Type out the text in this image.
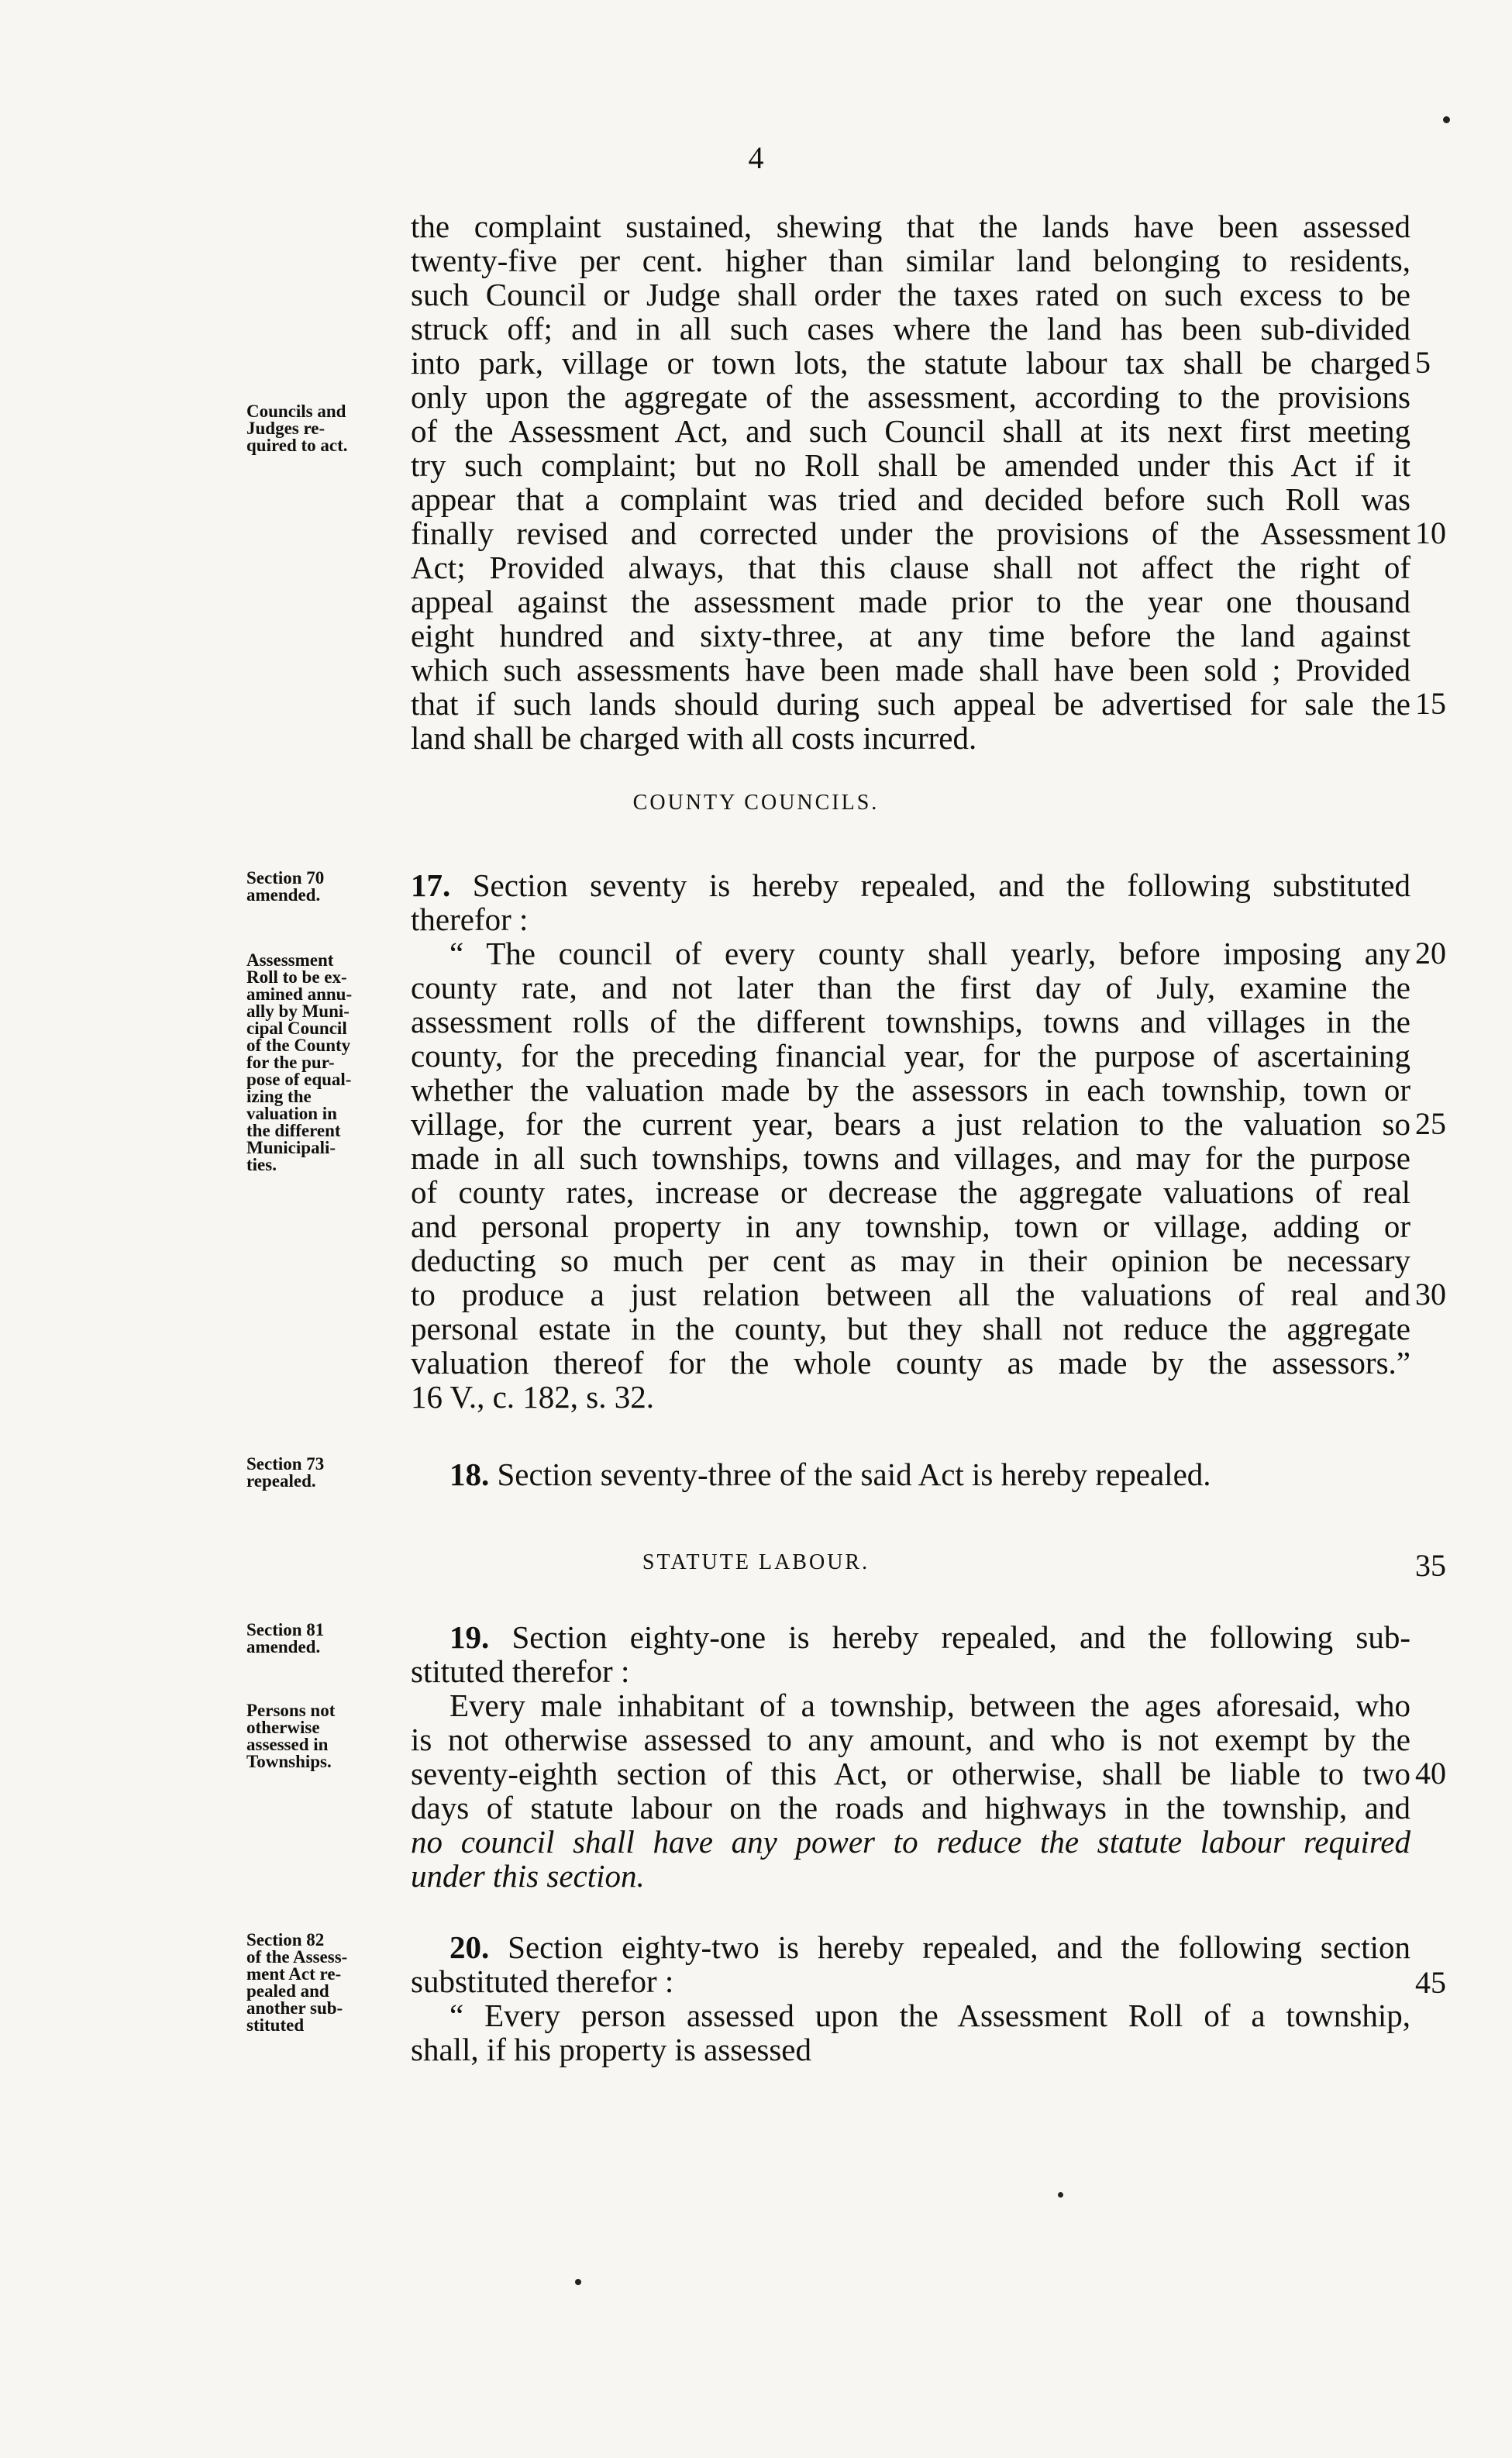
4
the complaint sustained, shewing that the lands have been assessed
twenty-five per cent. higher than similar land belonging to residents,
such Council or Judge shall order the taxes rated on such excess to be
struck off; and in all such cases where the land has been sub-divided
into park, village or town lots, the statute labour tax shall be charged
only upon the aggregate of the assessment, according to the provisions
of the Assessment Act, and such Council shall at its next first meeting
try such complaint; but no Roll shall be amended under this Act if it
appear that a complaint was tried and decided before such Roll was
finally revised and corrected under the provisions of the Assessment
Act; Provided always, that this clause shall not affect the right of
appeal against the assessment made prior to the year one thousand
eight hundred and sixty-three, at any time before the land against
which such assessments have been made shall have been sold ; Provided
that if such lands should during such appeal be advertised for sale the
land shall be charged with all costs incurred.
COUNTY COUNCILS.
17. Section seventy is hereby repealed, and the following substituted
therefor :
“ The council of every county shall yearly, before imposing any
county rate, and not later than the first day of July, examine the
assessment rolls of the different townships, towns and villages in the
county, for the preceding financial year, for the purpose of ascertaining
whether the valuation made by the assessors in each township, town or
village, for the current year, bears a just relation to the valuation so
made in all such townships, towns and villages, and may for the purpose
of county rates, increase or decrease the aggregate valuations of real
and personal property in any township, town or village, adding or
deducting so much per cent as may in their opinion be necessary
to produce a just relation between all the valuations of real and
personal estate in the county, but they shall not reduce the aggregate
valuation thereof for the whole county as made by the assessors.”
16 V., c. 182, s. 32.
18. Section seventy-three of the said Act is hereby repealed.
STATUTE LABOUR.
19. Section eighty-one is hereby repealed, and the following sub-
stituted therefor :
Every male inhabitant of a township, between the ages aforesaid, who
is not otherwise assessed to any amount, and who is not exempt by the
seventy-eighth section of this Act, or otherwise, shall be liable to two
days of statute labour on the roads and highways in the township, and
no council shall have any power to reduce the statute labour required
under this section.
20. Section eighty-two is hereby repealed, and the following section
substituted therefor :
“ Every person assessed upon the Assessment Roll of a township,
shall, if his property is assessed
5
10
15
20
25
30
35
40
45
Councils and
Judges re-
quired to act.
Section 70
amended.
Assessment
Roll to be ex-
amined annu-
ally by Muni-
cipal Council
of the County
for the pur-
pose of equal-
izing the
valuation in
the different
Municipali-
ties.
Section 73
repealed.
Section 81
amended.
Persons not
otherwise
assessed in
Townships.
Section 82
of the Assess-
ment Act re-
pealed and
another sub-
stituted
